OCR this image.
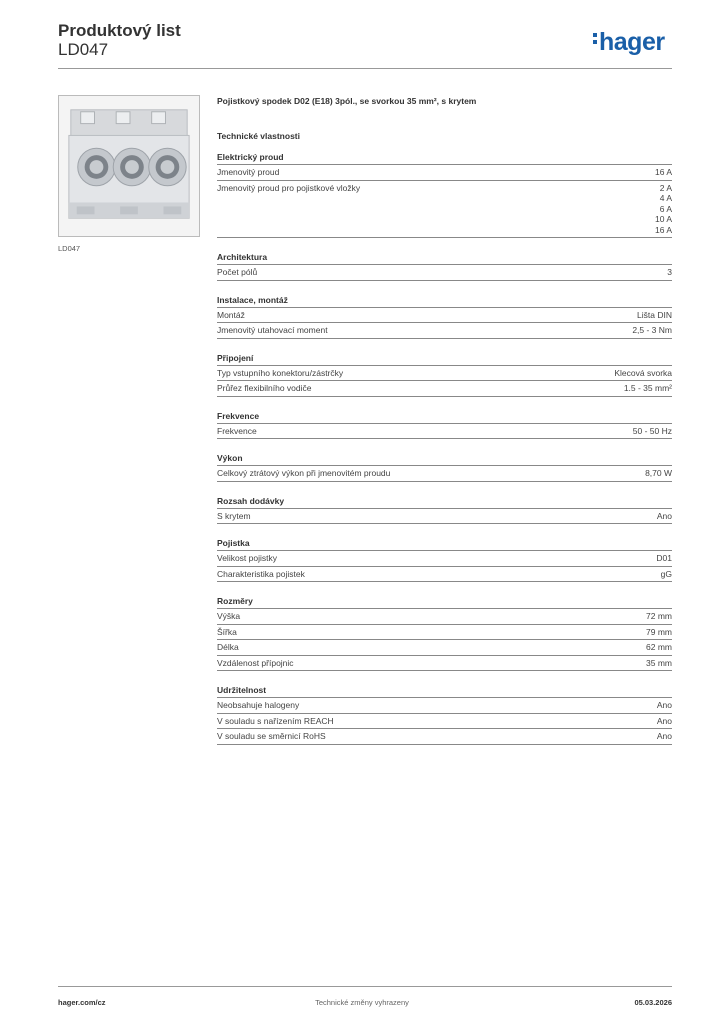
Produktový list
LD047	hager
LD047
Pojistkový spodek D02 (E18) 3pól., se svorkou 35 mm², s krytem
Technické vlastnosti
Elektrický proud
Jmenovitý proud	16 A
Jmenovitý proud pro pojistkové vložky	2 A
4 A
6 A
10 A
16 A
Architektura
Počet pólů	3
Instalace, montáž
Montáž	Lišta DIN
Jmenovitý utahovací moment	2,5 - 3 Nm
Připojení
Typ vstupního konektoru/zástrčky	Klecová svorka
Průřez flexibilního vodiče	1.5 - 35 mm²
Frekvence
Frekvence	50 - 50 Hz
Výkon
Celkový ztrátový výkon při jmenovitém proudu	8,70 W
Rozsah dodávky
S krytem	Ano
Pojistka
Velikost pojistky	D01
Charakteristika pojistek	gG
Rozměry
Výška	72 mm
Šířka	79 mm
Délka	62 mm
Vzdálenost přípojnic	35 mm
Udržitelnost
Neobsahuje halogeny	Ano
V souladu s nařízením REACH	Ano
V souladu se směrnicí RoHS	Ano
hager.com/cz	Technické změny vyhrazeny	05.03.2026
